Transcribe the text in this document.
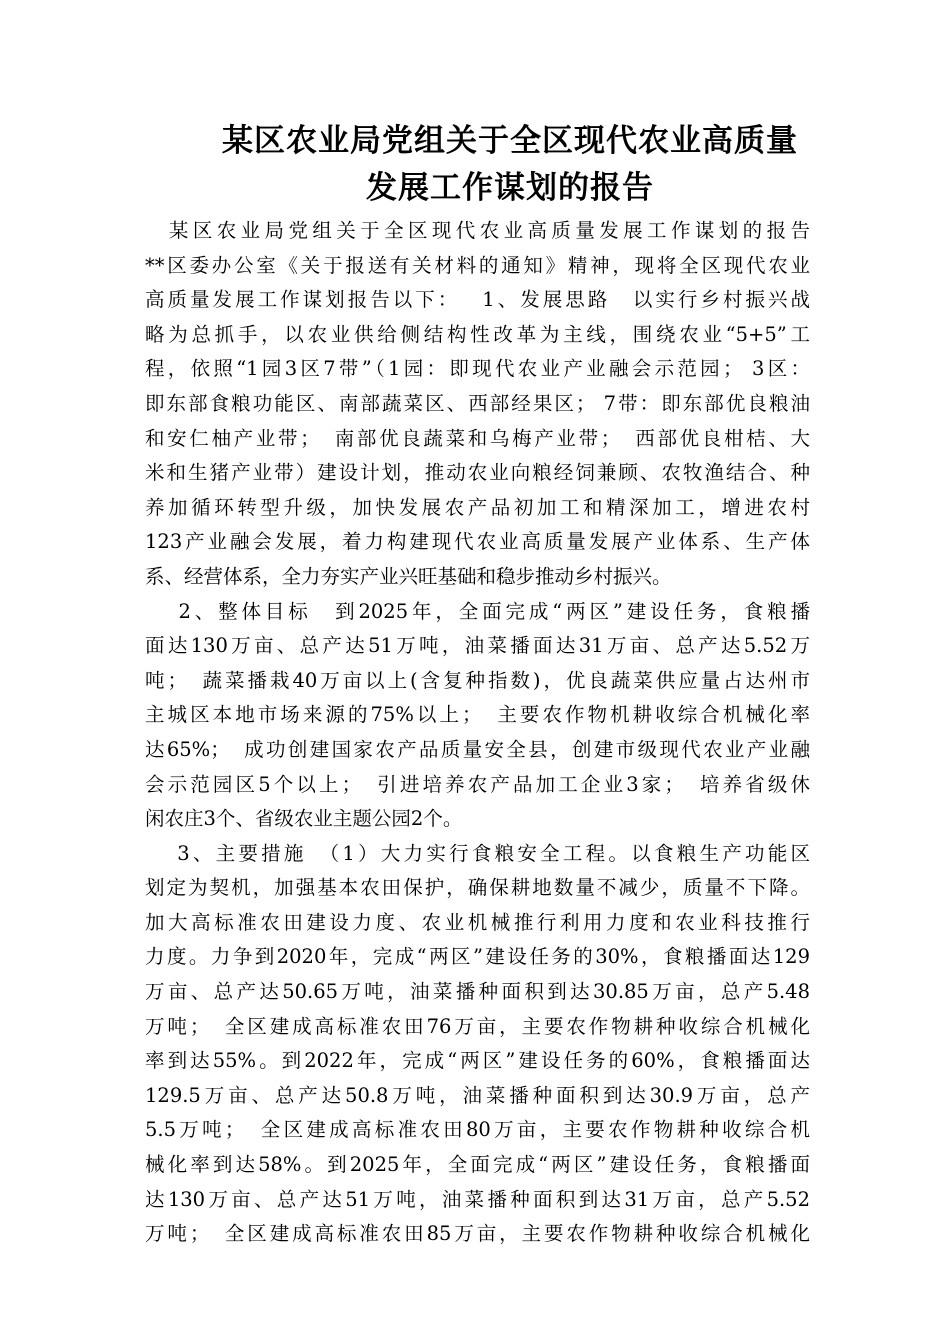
某区农业局党组关于全区现代农业高质量
发展工作谋划的报告
　某区农业局党组关于全区现代农业高质量发展工作谋划的报告
**区委办公室《关于报送有关材料的通知》精神，现将全区现代农业
高质量发展工作谋划报告以下：　 1、发展思路　以实行乡村振兴战
略为总抓手，以农业供给侧结构性改革为主线，围绕农业“5+5”工
程，依照“1园3区7带”（1园：即现代农业产业融会示范园； 3区：
即东部食粮功能区、南部蔬菜区、西部经果区； 7带：即东部优良粮油
和安仁柚产业带；　南部优良蔬菜和乌梅产业带；　西部优良柑桔、大
米和生猪产业带）建设计划，推动农业向粮经饲兼顾、农牧渔结合、种
养加循环转型升级，加快发展农产品初加工和精深加工，增进农村
123产业融会发展，着力构建现代农业高质量发展产业体系、生产体
系、经营体系，全力夯实产业兴旺基础和稳步推动乡村振兴。
　 2、整体目标　到2025年，全面完成“两区”建设任务，食粮播
面达130万亩、总产达51万吨，油菜播面达31万亩、总产达5.52万
吨；　蔬菜播栽40万亩以上(含复种指数)，优良蔬菜供应量占达州市
主城区本地市场来源的75%以上；　主要农作物机耕收综合机械化率
达65%；　成功创建国家农产品质量安全县，创建市级现代农业产业融
会示范园区5个以上；　引进培养农产品加工企业3家；　培养省级休
闲农庄3个、省级农业主题公园2个。
　 3、主要措施　（1）大力实行食粮安全工程。以食粮生产功能区
划定为契机，加强基本农田保护，确保耕地数量不减少，质量不下降。
加大高标准农田建设力度、农业机械推行利用力度和农业科技推行
力度。力争到2020年，完成“两区”建设任务的30%，食粮播面达129
万亩、总产达50.65万吨，油菜播种面积到达30.85万亩，总产5.48
万吨；　全区建成高标准农田76万亩，主要农作物耕种收综合机械化
率到达55%。到2022年，完成“两区”建设任务的60%，食粮播面达
129.5万亩、总产达50.8万吨，油菜播种面积到达30.9万亩，总产
5.5万吨；　全区建成高标准农田80万亩，主要农作物耕种收综合机
械化率到达58%。到2025年，全面完成“两区”建设任务，食粮播面
达130万亩、总产达51万吨，油菜播种面积到达31万亩，总产5.52
万吨；　全区建成高标准农田85万亩，主要农作物耕种收综合机械化
